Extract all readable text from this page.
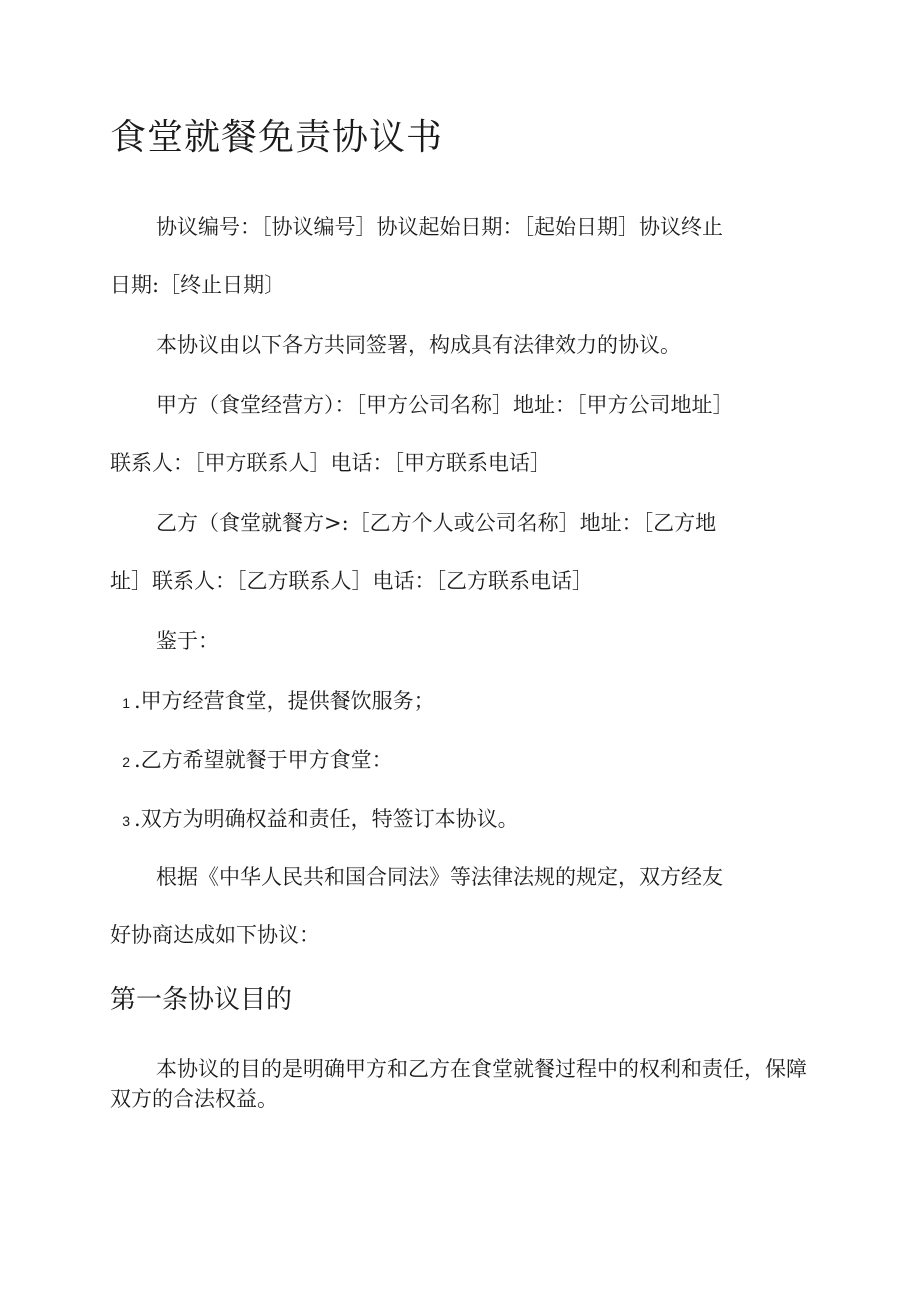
食堂就餐免责协议书
协议编号：［协议编号］协议起始日期：［起始日期］协议终止
日期:［终止日期〕
本协议由以下各方共同签署，构成具有法律效力的协议。
甲方（食堂经营方）：［甲方公司名称］地址：［甲方公司地址］
联系人：［甲方联系人］电话：［甲方联系电话］
乙方（食堂就餐方>:［乙方个人或公司名称］地址：［乙方地
址］联系人：［乙方联系人］电话：［乙方联系电话］
鉴于：
1 .甲方经营食堂，提供餐饮服务；
2 .乙方希望就餐于甲方食堂：
3 .双方为明确权益和责任，特签订本协议。
根据《中华人民共和国合同法》等法律法规的规定，双方经友
好协商达成如下协议：
第一条协议目的
本协议的目的是明确甲方和乙方在食堂就餐过程中的权利和责任，保障双方的合法权益。
